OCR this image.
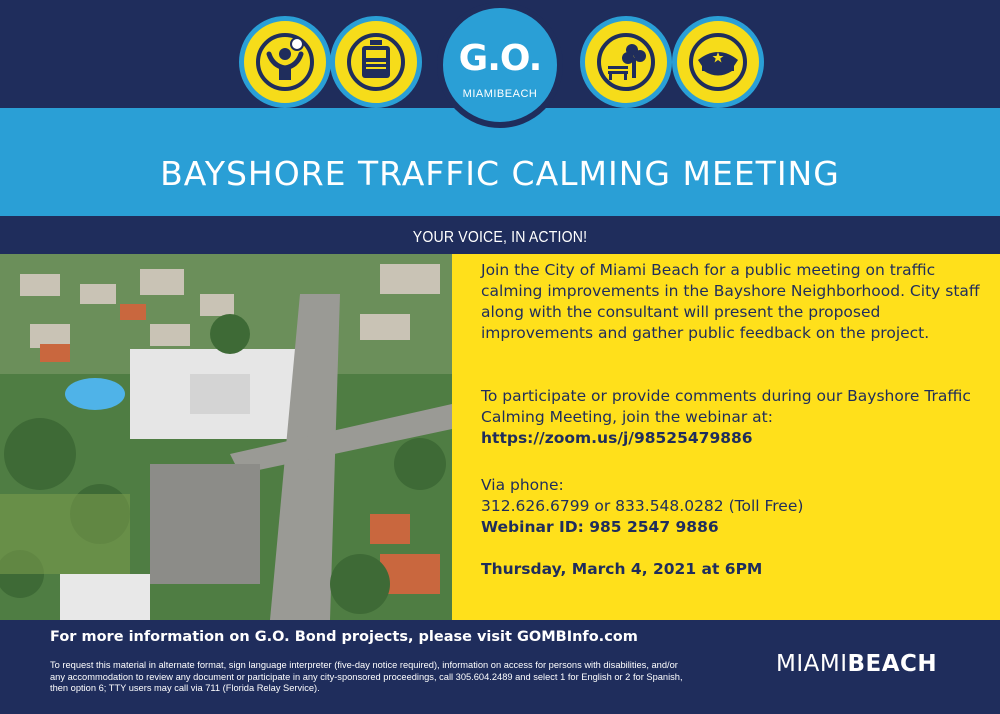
BAYSHORE TRAFFIC CALMING MEETING
G.O.
MIAMIBEACH
YOUR VOICE, IN ACTION!
Join the City of Miami Beach for a public meeting on traffic calming improvements in the Bayshore Neighborhood. City staff along with the consultant will present the proposed improvements and gather public feedback on the project.
To participate or provide comments during our Bayshore Traffic Calming Meeting, join the webinar at: https://zoom.us/j/98525479886
Via phone:
312.626.6799 or 833.548.0282 (Toll Free)
Webinar ID: 985 2547 9886
Thursday, March 4, 2021 at 6PM
For more information on G.O. Bond projects, please visit GOMBInfo.com
To request this material in alternate format, sign language interpreter (five-day notice required), information on access for persons with disabilities, and/or any accommodation to review any document or participate in any city-sponsored proceedings, call 305.604.2489 and select 1 for English or 2 for Spanish, then option 6; TTY users may call via 711 (Florida Relay Service).
MIAMIBEACH
